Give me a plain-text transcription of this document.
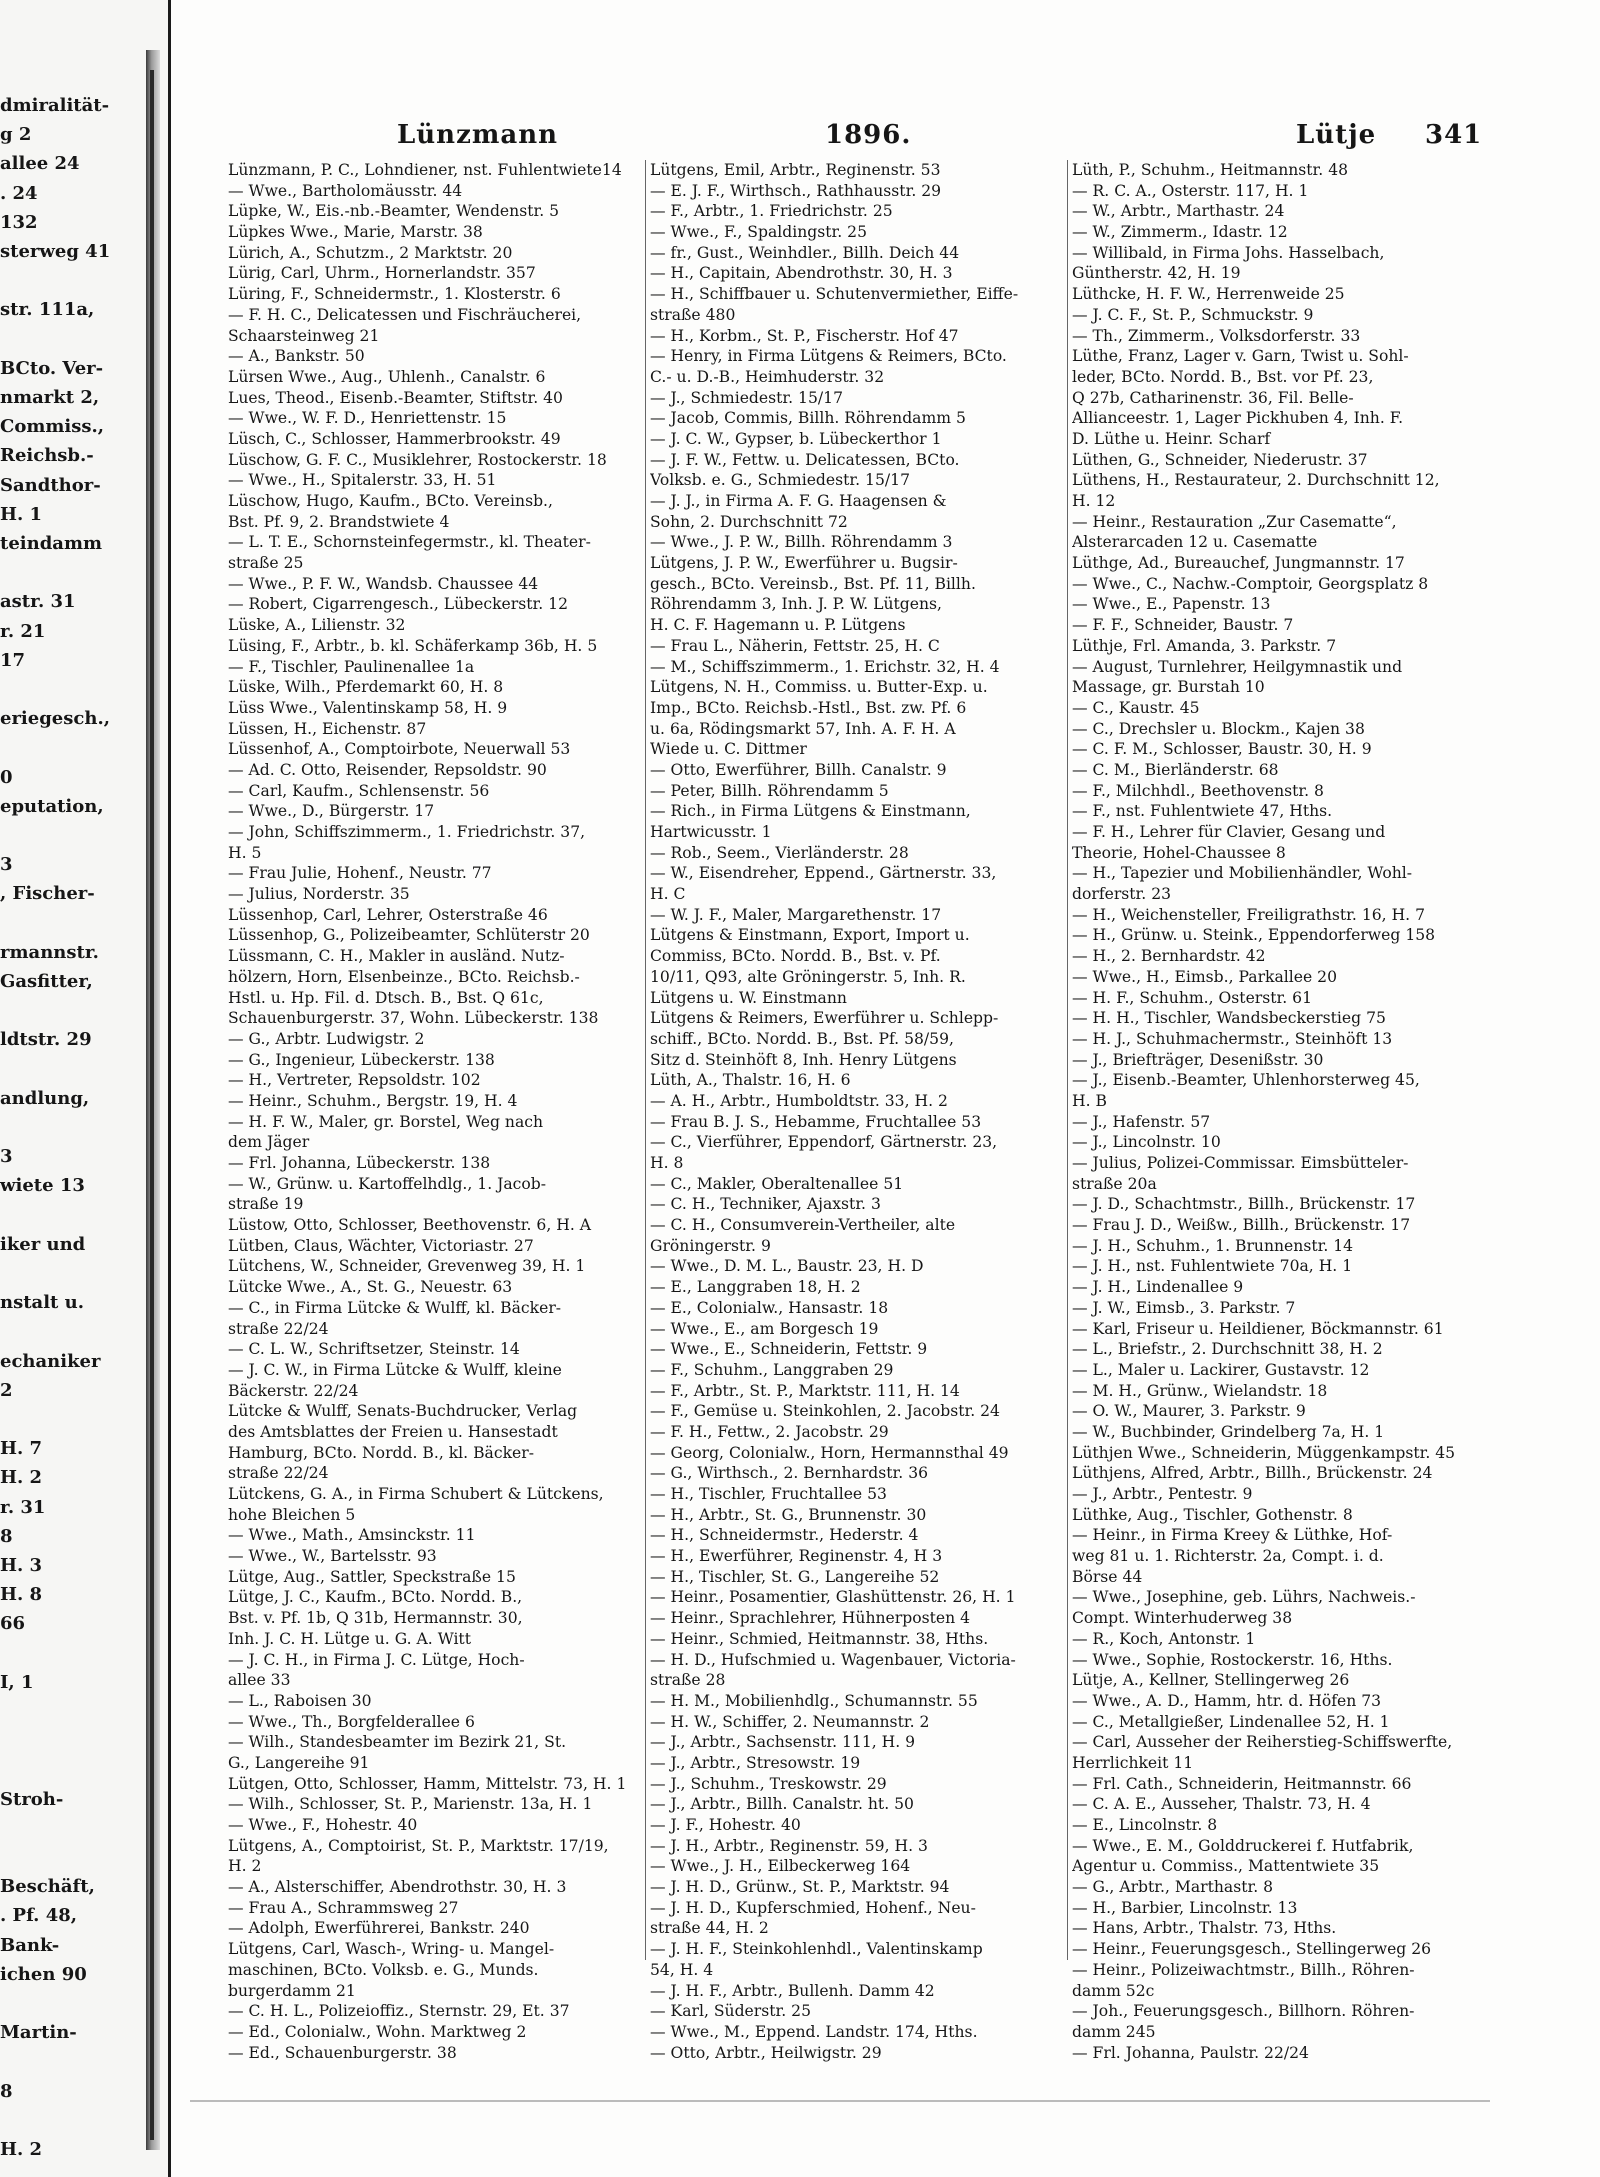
dmiralität-
g 2
allee 24
. 24
132
sterweg 41
str. 111a,
BCto. Ver-
nmarkt 2,
Commiss.,
Reichsb.-
Sandthor-
H. 1
teindamm
astr. 31
r. 21
17
eriegesch.,
0
eputation,
3
, Fischer-
rmannstr.
Gasfitter,
ldtstr. 29
andlung,
3
wiete 13
iker und
nstalt u.
echaniker
2
H. 7
H. 2
r. 31
8
H. 3
H. 8
66
I, 1
Stroh-
Beschäft,
. Pf. 48,
Bank-
ichen 90
Martin-
8
H. 2
Lünzmann	1896.	Lütje 341
Lünzmann, P. C., Lohndiener, nst. Fuhlentwiete14
— Wwe., Bartholomäusstr. 44
Lüpke, W., Eis.-nb.-Beamter, Wendenstr. 5
Lüpkes Wwe., Marie, Marstr. 38
Lürich, A., Schutzm., 2 Marktstr. 20
Lürig, Carl, Uhrm., Hornerlandstr. 357
Lüring, F., Schneidermstr., 1. Klosterstr. 6
— F. H. C., Delicatessen und Fischräucherei,
Schaarsteinweg 21
— A., Bankstr. 50
Lürsen Wwe., Aug., Uhlenh., Canalstr. 6
Lues, Theod., Eisenb.-Beamter, Stiftstr. 40
— Wwe., W. F. D., Henriettenstr. 15
Lüsch, C., Schlosser, Hammerbrookstr. 49
Lüschow, G. F. C., Musiklehrer, Rostockerstr. 18
— Wwe., H., Spitalerstr. 33, H. 51
Lüschow, Hugo, Kaufm., BCto. Vereinsb.,
Bst. Pf. 9, 2. Brandstwiete 4
— L. T. E., Schornsteinfegermstr., kl. Theater-
straße 25
— Wwe., P. F. W., Wandsb. Chaussee 44
— Robert, Cigarrengesch., Lübeckerstr. 12
Lüske, A., Lilienstr. 32
Lüsing, F., Arbtr., b. kl. Schäferkamp 36b, H. 5
— F., Tischler, Paulinenallee 1a
Lüske, Wilh., Pferdemarkt 60, H. 8
Lüss Wwe., Valentinskamp 58, H. 9
Lüssen, H., Eichenstr. 87
Lüssenhof, A., Comptoirbote, Neuerwall 53
— Ad. C. Otto, Reisender, Repsoldstr. 90
— Carl, Kaufm., Schlensenstr. 56
— Wwe., D., Bürgerstr. 17
— John, Schiffszimmerm., 1. Friedrichstr. 37,
H. 5
— Frau Julie, Hohenf., Neustr. 77
— Julius, Norderstr. 35
Lüssenhop, Carl, Lehrer, Osterstraße 46
Lüssenhop, G., Polizeibeamter, Schlüterstr 20
Lüssmann, C. H., Makler in ausländ. Nutz-
hölzern, Horn, Elsenbeinze., BCto. Reichsb.-
Hstl. u. Hp. Fil. d. Dtsch. B., Bst. Q 61c,
Schauenburgerstr. 37, Wohn. Lübeckerstr. 138
— G., Arbtr. Ludwigstr. 2
— G., Ingenieur, Lübeckerstr. 138
— H., Vertreter, Repsoldstr. 102
— Heinr., Schuhm., Bergstr. 19, H. 4
— H. F. W., Maler, gr. Borstel, Weg nach
dem Jäger
— Frl. Johanna, Lübeckerstr. 138
— W., Grünw. u. Kartoffelhdlg., 1. Jacob-
straße 19
Lüstow, Otto, Schlosser, Beethovenstr. 6, H. A
Lütben, Claus, Wächter, Victoriastr. 27
Lütchens, W., Schneider, Grevenweg 39, H. 1
Lütcke Wwe., A., St. G., Neuestr. 63
— C., in Firma Lütcke & Wulff, kl. Bäcker-
straße 22/24
— C. L. W., Schriftsetzer, Steinstr. 14
— J. C. W., in Firma Lütcke & Wulff, kleine
Bäckerstr. 22/24
Lütcke & Wulff, Senats-Buchdrucker, Verlag
des Amtsblattes der Freien u. Hansestadt
Hamburg, BCto. Nordd. B., kl. Bäcker-
straße 22/24
Lütckens, G. A., in Firma Schubert & Lütckens,
hohe Bleichen 5
— Wwe., Math., Amsinckstr. 11
— Wwe., W., Bartelsstr. 93
Lütge, Aug., Sattler, Speckstraße 15
Lütge, J. C., Kaufm., BCto. Nordd. B.,
Bst. v. Pf. 1b, Q 31b, Hermannstr. 30,
Inh. J. C. H. Lütge u. G. A. Witt
— J. C. H., in Firma J. C. Lütge, Hoch-
allee 33
— L., Raboisen 30
— Wwe., Th., Borgfelderallee 6
— Wilh., Standesbeamter im Bezirk 21, St.
G., Langereihe 91
Lütgen, Otto, Schlosser, Hamm, Mittelstr. 73, H. 1
— Wilh., Schlosser, St. P., Marienstr. 13a, H. 1
— Wwe., F., Hohestr. 40
Lütgens, A., Comptoirist, St. P., Marktstr. 17/19,
H. 2
— A., Alsterschiffer, Abendrothstr. 30, H. 3
— Frau A., Schrammsweg 27
— Adolph, Ewerführerei, Bankstr. 240
Lütgens, Carl, Wasch-, Wring- u. Mangel-
maschinen, BCto. Volksb. e. G., Munds.
burgerdamm 21
— C. H. L., Polizeioffiz., Sternstr. 29, Et. 37
— Ed., Colonialw., Wohn. Marktweg 2
— Ed., Schauenburgerstr. 38
Lütgens, Emil, Arbtr., Reginenstr. 53
— E. J. F., Wirthsch., Rathhausstr. 29
— F., Arbtr., 1. Friedrichstr. 25
— Wwe., F., Spaldingstr. 25
— fr., Gust., Weinhdler., Billh. Deich 44
— H., Capitain, Abendrothstr. 30, H. 3
— H., Schiffbauer u. Schutenvermiether, Eiffe-
straße 480
— H., Korbm., St. P., Fischerstr. Hof 47
— Henry, in Firma Lütgens & Reimers, BCto.
C.- u. D.-B., Heimhuderstr. 32
— J., Schmiedestr. 15/17
— Jacob, Commis, Billh. Röhrendamm 5
— J. C. W., Gypser, b. Lübeckerthor 1
— J. F. W., Fettw. u. Delicatessen, BCto.
Volksb. e. G., Schmiedestr. 15/17
— J. J., in Firma A. F. G. Haagensen &
Sohn, 2. Durchschnitt 72
— Wwe., J. P. W., Billh. Röhrendamm 3
Lütgens, J. P. W., Ewerführer u. Bugsir-
gesch., BCto. Vereinsb., Bst. Pf. 11, Billh.
Röhrendamm 3, Inh. J. P. W. Lütgens,
H. C. F. Hagemann u. P. Lütgens
— Frau L., Näherin, Fettstr. 25, H. C
— M., Schiffszimmerm., 1. Erichstr. 32, H. 4
Lütgens, N. H., Commiss. u. Butter-Exp. u.
Imp., BCto. Reichsb.-Hstl., Bst. zw. Pf. 6
u. 6a, Rödingsmarkt 57, Inh. A. F. H. A
Wiede u. C. Dittmer
— Otto, Ewerführer, Billh. Canalstr. 9
— Peter, Billh. Röhrendamm 5
— Rich., in Firma Lütgens & Einstmann,
Hartwicusstr. 1
— Rob., Seem., Vierländerstr. 28
— W., Eisendreher, Eppend., Gärtnerstr. 33,
H. C
— W. J. F., Maler, Margarethenstr. 17
Lütgens & Einstmann, Export, Import u.
Commiss, BCto. Nordd. B., Bst. v. Pf.
10/11, Q93, alte Gröningerstr. 5, Inh. R.
Lütgens u. W. Einstmann
Lütgens & Reimers, Ewerführer u. Schlepp-
schiff., BCto. Nordd. B., Bst. Pf. 58/59,
Sitz d. Steinhöft 8, Inh. Henry Lütgens
Lüth, A., Thalstr. 16, H. 6
— A. H., Arbtr., Humboldtstr. 33, H. 2
— Frau B. J. S., Hebamme, Fruchtallee 53
— C., Vierführer, Eppendorf, Gärtnerstr. 23,
H. 8
— C., Makler, Oberaltenallee 51
— C. H., Techniker, Ajaxstr. 3
— C. H., Consumverein-Vertheiler, alte
Gröningerstr. 9
— Wwe., D. M. L., Baustr. 23, H. D
— E., Langgraben 18, H. 2
— E., Colonialw., Hansastr. 18
— Wwe., E., am Borgesch 19
— Wwe., E., Schneiderin, Fettstr. 9
— F., Schuhm., Langgraben 29
— F., Arbtr., St. P., Marktstr. 111, H. 14
— F., Gemüse u. Steinkohlen, 2. Jacobstr. 24
— F. H., Fettw., 2. Jacobstr. 29
— Georg, Colonialw., Horn, Hermannsthal 49
— G., Wirthsch., 2. Bernhardstr. 36
— H., Tischler, Fruchtallee 53
— H., Arbtr., St. G., Brunnenstr. 30
— H., Schneidermstr., Hederstr. 4
— H., Ewerführer, Reginenstr. 4, H 3
— H., Tischler, St. G., Langereihe 52
— Heinr., Posamentier, Glashüttenstr. 26, H. 1
— Heinr., Sprachlehrer, Hühnerposten 4
— Heinr., Schmied, Heitmannstr. 38, Hths.
— H. D., Hufschmied u. Wagenbauer, Victoria-
straße 28
— H. M., Mobilienhdlg., Schumannstr. 55
— H. W., Schiffer, 2. Neumannstr. 2
— J., Arbtr., Sachsenstr. 111, H. 9
— J., Arbtr., Stresowstr. 19
— J., Schuhm., Treskowstr. 29
— J., Arbtr., Billh. Canalstr. ht. 50
— J. F., Hohestr. 40
— J. H., Arbtr., Reginenstr. 59, H. 3
— Wwe., J. H., Eilbeckerweg 164
— J. H. D., Grünw., St. P., Marktstr. 94
— J. H. D., Kupferschmied, Hohenf., Neu-
straße 44, H. 2
— J. H. F., Steinkohlenhdl., Valentinskamp
54, H. 4
— J. H. F., Arbtr., Bullenh. Damm 42
— Karl, Süderstr. 25
— Wwe., M., Eppend. Landstr. 174, Hths.
— Otto, Arbtr., Heilwigstr. 29
Lüth, P., Schuhm., Heitmannstr. 48
— R. C. A., Osterstr. 117, H. 1
— W., Arbtr., Marthastr. 24
— W., Zimmerm., Idastr. 12
— Willibald, in Firma Johs. Hasselbach,
Güntherstr. 42, H. 19
Lüthcke, H. F. W., Herrenweide 25
— J. C. F., St. P., Schmuckstr. 9
— Th., Zimmerm., Volksdorferstr. 33
Lüthe, Franz, Lager v. Garn, Twist u. Sohl-
leder, BCto. Nordd. B., Bst. vor Pf. 23,
Q 27b, Catharinenstr. 36, Fil. Belle-
Allianceestr. 1, Lager Pickhuben 4, Inh. F.
D. Lüthe u. Heinr. Scharf
Lüthen, G., Schneider, Niederustr. 37
Lüthens, H., Restaurateur, 2. Durchschnitt 12,
H. 12
— Heinr., Restauration „Zur Casematte“,
Alsterarcaden 12 u. Casematte
Lüthge, Ad., Bureauchef, Jungmannstr. 17
— Wwe., C., Nachw.-Comptoir, Georgsplatz 8
— Wwe., E., Papenstr. 13
— F. F., Schneider, Baustr. 7
Lüthje, Frl. Amanda, 3. Parkstr. 7
— August, Turnlehrer, Heilgymnastik und
Massage, gr. Burstah 10
— C., Kaustr. 45
— C., Drechsler u. Blockm., Kajen 38
— C. F. M., Schlosser, Baustr. 30, H. 9
— C. M., Bierländerstr. 68
— F., Milchhdl., Beethovenstr. 8
— F., nst. Fuhlentwiete 47, Hths.
— F. H., Lehrer für Clavier, Gesang und
Theorie, Hohel-Chaussee 8
— H., Tapezier und Mobilienhändler, Wohl-
dorferstr. 23
— H., Weichensteller, Freiligrathstr. 16, H. 7
— H., Grünw. u. Steink., Eppendorferweg 158
— H., 2. Bernhardstr. 42
— Wwe., H., Eimsb., Parkallee 20
— H. F., Schuhm., Osterstr. 61
— H. H., Tischler, Wandsbeckerstieg 75
— H. J., Schuhmachermstr., Steinhöft 13
— J., Briefträger, Desenißstr. 30
— J., Eisenb.-Beamter, Uhlenhorsterweg 45,
H. B
— J., Hafenstr. 57
— J., Lincolnstr. 10
— Julius, Polizei-Commissar. Eimsbütteler-
straße 20a
— J. D., Schachtmstr., Billh., Brückenstr. 17
— Frau J. D., Weißw., Billh., Brückenstr. 17
— J. H., Schuhm., 1. Brunnenstr. 14
— J. H., nst. Fuhlentwiete 70a, H. 1
— J. H., Lindenallee 9
— J. W., Eimsb., 3. Parkstr. 7
— Karl, Friseur u. Heildiener, Böckmannstr. 61
— L., Briefstr., 2. Durchschnitt 38, H. 2
— L., Maler u. Lackirer, Gustavstr. 12
— M. H., Grünw., Wielandstr. 18
— O. W., Maurer, 3. Parkstr. 9
— W., Buchbinder, Grindelberg 7a, H. 1
Lüthjen Wwe., Schneiderin, Müggenkampstr. 45
Lüthjens, Alfred, Arbtr., Billh., Brückenstr. 24
— J., Arbtr., Pentestr. 9
Lüthke, Aug., Tischler, Gothenstr. 8
— Heinr., in Firma Kreey & Lüthke, Hof-
weg 81 u. 1. Richterstr. 2a, Compt. i. d.
Börse 44
— Wwe., Josephine, geb. Lührs, Nachweis.-
Compt. Winterhuderweg 38
— R., Koch, Antonstr. 1
— Wwe., Sophie, Rostockerstr. 16, Hths.
Lütje, A., Kellner, Stellingerweg 26
— Wwe., A. D., Hamm, htr. d. Höfen 73
— C., Metallgießer, Lindenallee 52, H. 1
— Carl, Ausseher der Reiherstieg-Schiffswerfte,
Herrlichkeit 11
— Frl. Cath., Schneiderin, Heitmannstr. 66
— C. A. E., Ausseher, Thalstr. 73, H. 4
— E., Lincolnstr. 8
— Wwe., E. M., Golddruckerei f. Hutfabrik,
Agentur u. Commiss., Mattentwiete 35
— G., Arbtr., Marthastr. 8
— H., Barbier, Lincolnstr. 13
— Hans, Arbtr., Thalstr. 73, Hths.
— Heinr., Feuerungsgesch., Stellingerweg 26
— Heinr., Polizeiwachtmstr., Billh., Röhren-
damm 52c
— Joh., Feuerungsgesch., Billhorn. Röhren-
damm 245
— Frl. Johanna, Paulstr. 22/24
